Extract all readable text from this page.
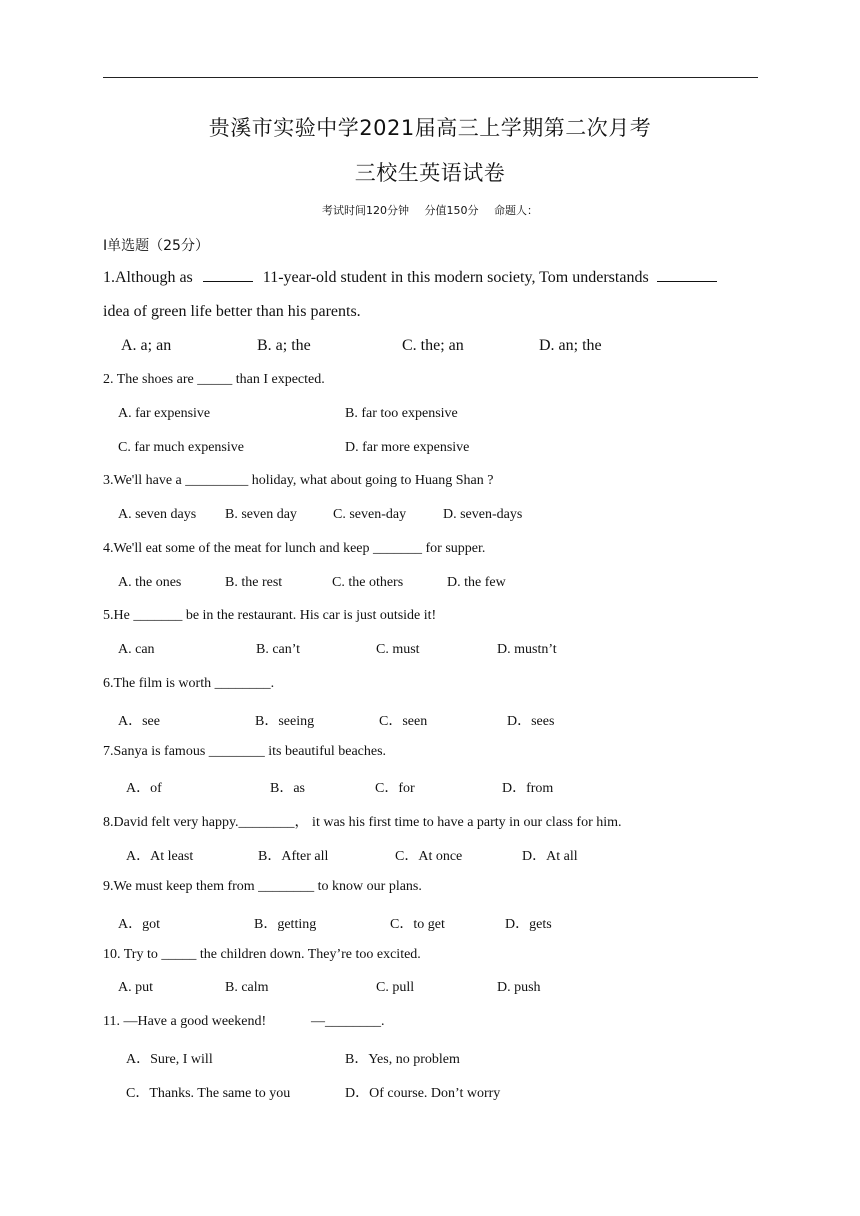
贵溪市实验中学2021届高三上学期第二次月考
三校生英语试卷
考试时间120分钟 分值150分 命题人：
Ⅰ单选题（25分）
1.Although as	11-year-old student in this modern society, Tom understands
idea of green life better than his parents.
A. a; an	B. a; the	C. the; an	D. an; the
2. The shoes are _____ than I expected.
A. far expensive	B. far too expensive
C. far much expensive	D. far more expensive
3.We'll have a _________ holiday, what about going to Huang Shan ?
A. seven days B. seven day	C. seven-day	D. seven-days
4.We'll eat some of the meat for lunch and keep _______ for supper.
A. the ones	B. the rest	C. the others	D. the few
5.He _______ be in the restaurant. His car is just outside it!
A. can	B. can’t	C. must	D. mustn’t
6.The film is worth ________.
A．see	B．seeing	C．seen	D．sees
7.Sanya is famous ________ its beautiful beaches.
A．of	B．as	C．for	D．from
8.David felt very happy.________， it was his first time to have a party in our class for him.
A．At least	B．After all	C．At once	D．At all
9.We must keep them from ________ to know our plans.
A．got	B．getting	C．to get	D．gets
10. Try to _____ the children down. They’re too excited.
A. put	B. calm	C. pull	D. push
11. —Have a good weekend!	—________.
A．Sure, I will	B．Yes, no problem
C．Thanks. The same to you	D．Of course. Don’t worry
